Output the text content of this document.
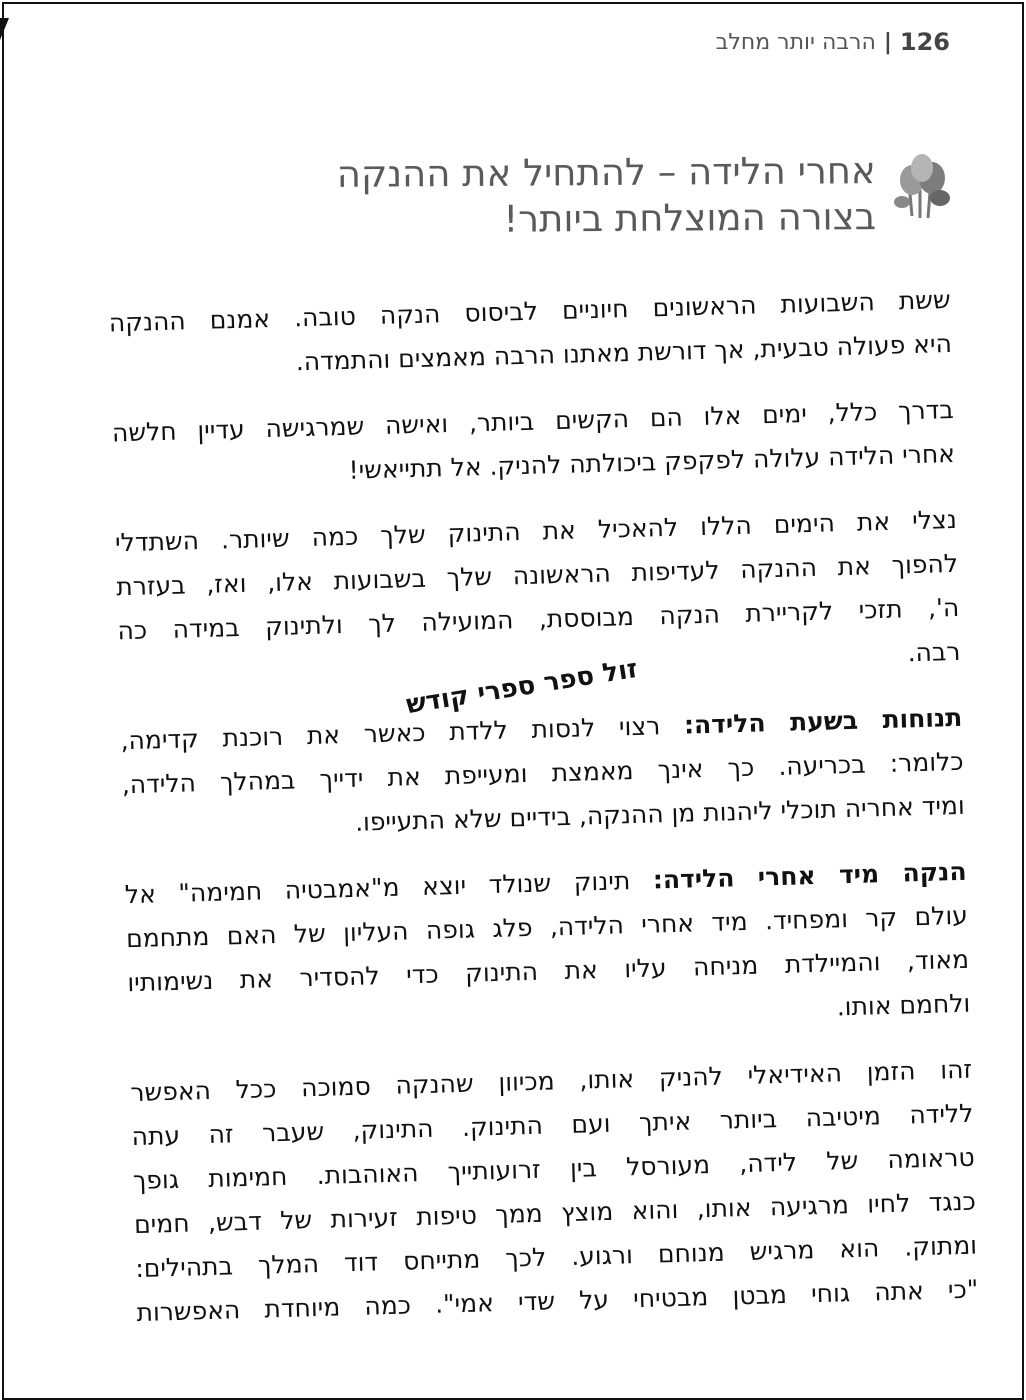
126
|
הרבה יותר מחלב
אחרי הלידה – להתחיל את ההנקה
בצורה המוצלחת ביותר!
ששת השבועות הראשונים חיוניים לביסוס הנקה טובה. אמנם ההנקה
היא פעולה טבעית, אך דורשת מאתנו הרבה מאמצים והתמדה.
בדרך כלל, ימים אלו הם הקשים ביותר, ואישה שמרגישה עדיין חלשה
אחרי הלידה עלולה לפקפק ביכולתה להניק. אל תתייאשי!
נצלי את הימים הללו להאכיל את התינוק שלך כמה שיותר. השתדלי
להפוך את ההנקה לעדיפות הראשונה שלך בשבועות אלו, ואז, בעזרת
ה', תזכי לקריירת הנקה מבוססת, המועילה לך ולתינוק במידה כה
רבה.
תנוחות בשעת הלידה: רצוי לנסות ללדת כאשר את רוכנת קדימה,
כלומר: בכריעה. כך אינך מאמצת ומעייפת את ידייך במהלך הלידה,
ומיד אחריה תוכלי ליהנות מן ההנקה, בידיים שלא התעייפו.
הנקה מיד אחרי הלידה: תינוק שנולד יוצא מ"אמבטיה חמימה" אל
עולם קר ומפחיד. מיד אחרי הלידה, פלג גופה העליון של האם מתחמם
מאוד, והמיילדת מניחה עליו את התינוק כדי להסדיר את נשימותיו
ולחמם אותו.
זהו הזמן האידיאלי להניק אותו, מכיוון שהנקה סמוכה ככל האפשר
ללידה מיטיבה ביותר איתך ועם התינוק. התינוק, שעבר זה עתה
טראומה של לידה, מעורסל בין זרועותייך האוהבות. חמימות גופך
כנגד לחיו מרגיעה אותו, והוא מוצץ ממך טיפות זעירות של דבש, חמים
ומתוק. הוא מרגיש מנוחם ורגוע. לכך מתייחס דוד המלך בתהילים:
"כי אתה גוחי מבטן מבטיחי על שדי אמי". כמה מיוחדת האפשרות
זול ספר ספרי קודש
